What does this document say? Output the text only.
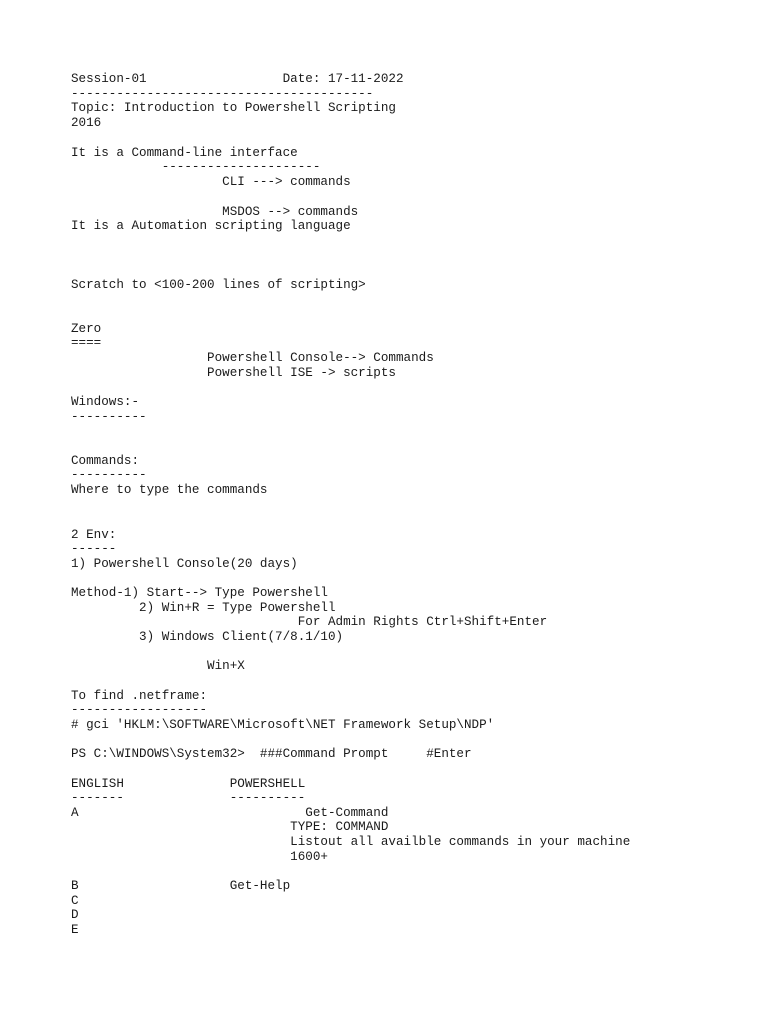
Session-01                  Date: 17-11-2022
----------------------------------------
Topic: Introduction to Powershell Scripting
2016
It is a Command-line interface
---------------------
CLI ---> commands
MSDOS --> commands
It is a Automation scripting language
Scratch to <100-200 lines of scripting>
Zero
====
Powershell Console--> Commands
Powershell ISE -> scripts
Windows:-
----------
Commands:
----------
Where to type the commands
2 Env:
------
1) Powershell Console(20 days)
Method-1) Start--> Type Powershell
2) Win+R = Type Powershell
For Admin Rights Ctrl+Shift+Enter
3) Windows Client(7/8.1/10)
Win+X
To find .netframe:
------------------
# gci 'HKLM:\SOFTWARE\Microsoft\NET Framework Setup\NDP'
PS C:\WINDOWS\System32>  ###Command Prompt     #Enter
ENGLISH              POWERSHELL
-------              ----------
A                              Get-Command
TYPE: COMMAND
Listout all availble commands in your machine
1600+
B                    Get-Help
C
D
E
